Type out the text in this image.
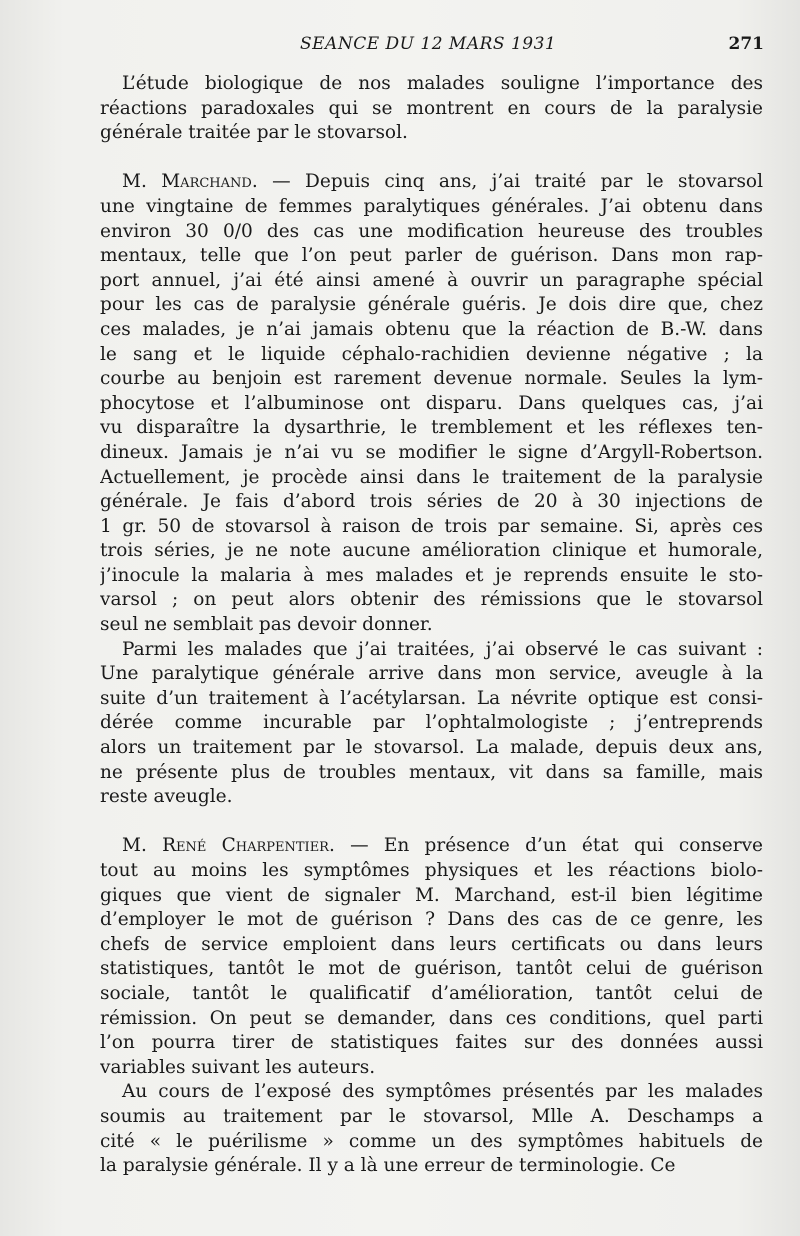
SEANCE DU 12 MARS 1931	271
L’étude biologique de nos malades souligne l’importance des
réactions paradoxales qui se montrent en cours de la paralysie
générale traitée par le stovarsol.
M. Marchand. — Depuis cinq ans, j’ai traité par le stovarsol
une vingtaine de femmes paralytiques générales. J’ai obtenu dans
environ 30 0/0 des cas une modification heureuse des troubles
mentaux, telle que l’on peut parler de guérison. Dans mon rap-
port annuel, j’ai été ainsi amené à ouvrir un paragraphe spécial
pour les cas de paralysie générale guéris. Je dois dire que, chez
ces malades, je n’ai jamais obtenu que la réaction de B.-W. dans
le sang et le liquide céphalo-rachidien devienne négative ; la
courbe au benjoin est rarement devenue normale. Seules la lym-
phocytose et l’albuminose ont disparu. Dans quelques cas, j’ai
vu disparaître la dysarthrie, le tremblement et les réflexes ten-
dineux. Jamais je n’ai vu se modifier le signe d’Argyll-Robertson.
Actuellement, je procède ainsi dans le traitement de la paralysie
générale. Je fais d’abord trois séries de 20 à 30 injections de
1 gr. 50 de stovarsol à raison de trois par semaine. Si, après ces
trois séries, je ne note aucune amélioration clinique et humorale,
j’inocule la malaria à mes malades et je reprends ensuite le sto-
varsol ; on peut alors obtenir des rémissions que le stovarsol
seul ne semblait pas devoir donner.
Parmi les malades que j’ai traitées, j’ai observé le cas suivant :
Une paralytique générale arrive dans mon service, aveugle à la
suite d’un traitement à l’acétylarsan. La névrite optique est consi-
dérée comme incurable par l’ophtalmologiste ; j’entreprends
alors un traitement par le stovarsol. La malade, depuis deux ans,
ne présente plus de troubles mentaux, vit dans sa famille, mais
reste aveugle.
M. René Charpentier. — En présence d’un état qui conserve
tout au moins les symptômes physiques et les réactions biolo-
giques que vient de signaler M. Marchand, est-il bien légitime
d’employer le mot de guérison ? Dans des cas de ce genre, les
chefs de service emploient dans leurs certificats ou dans leurs
statistiques, tantôt le mot de guérison, tantôt celui de guérison
sociale, tantôt le qualificatif d’amélioration, tantôt celui de
rémission. On peut se demander, dans ces conditions, quel parti
l’on pourra tirer de statistiques faites sur des données aussi
variables suivant les auteurs.
Au cours de l’exposé des symptômes présentés par les malades
soumis au traitement par le stovarsol, Mlle A. Deschamps a
cité « le puérilisme » comme un des symptômes habituels de
la paralysie générale. Il y a là une erreur de terminologie. Ce
